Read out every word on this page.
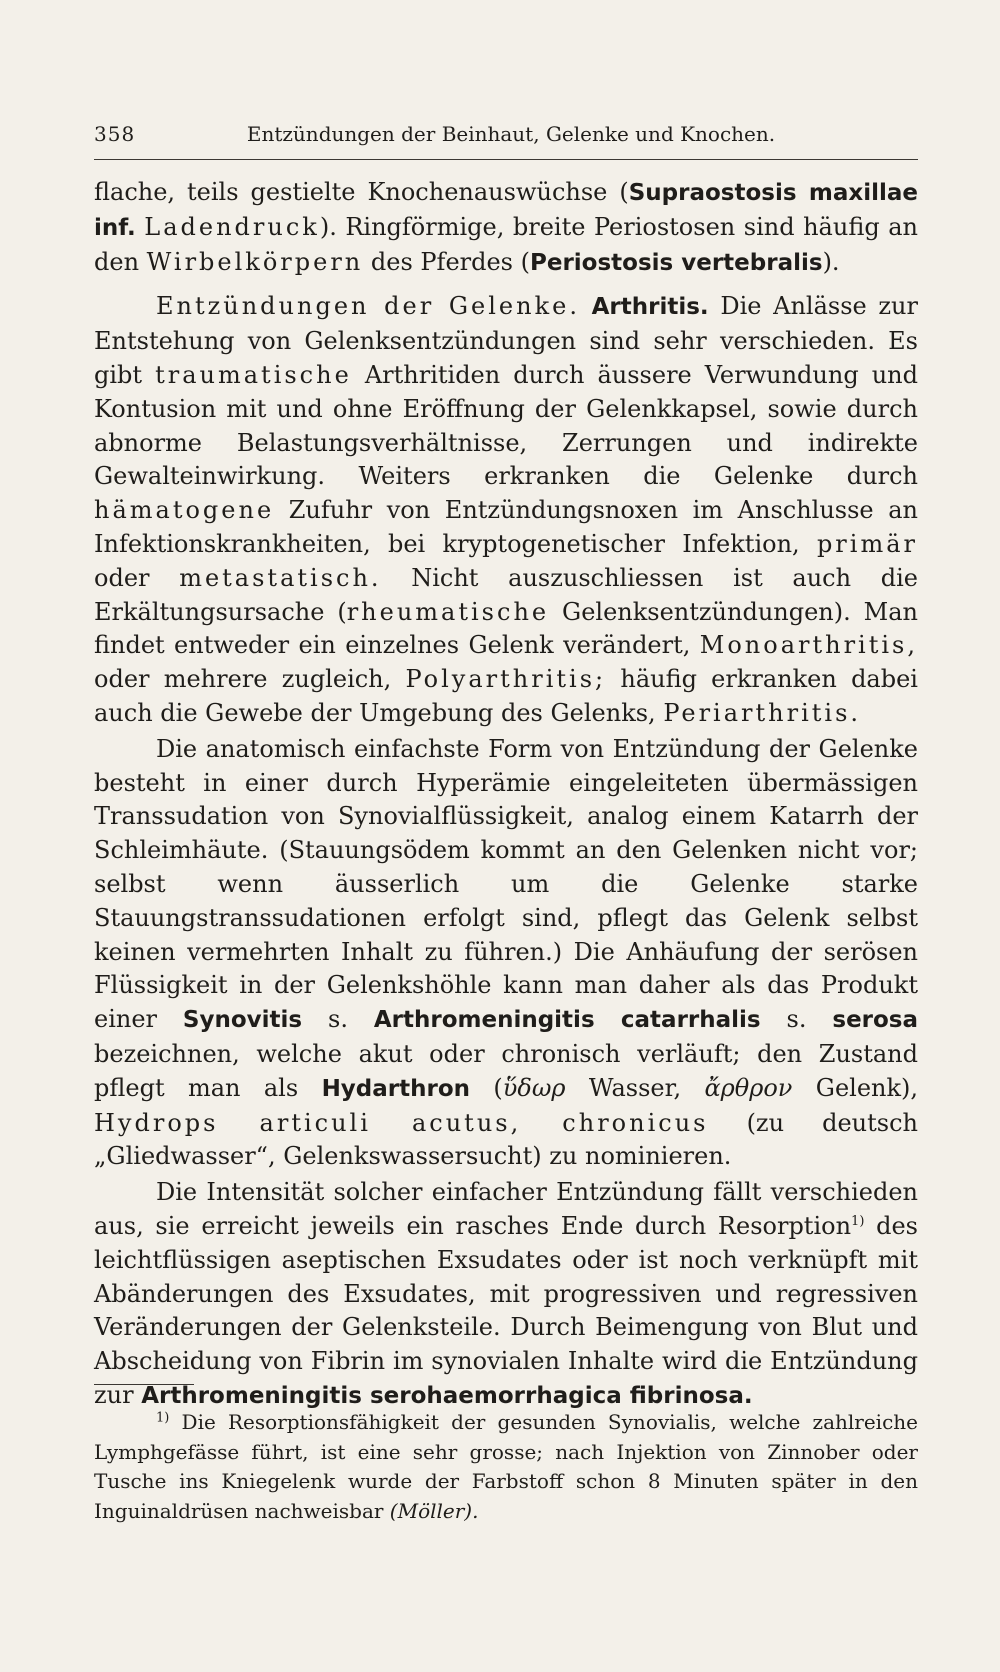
358	Entzündungen der Beinhaut, Gelenke und Knochen.

flache, teils gestielte Knochenauswüchse (Supraostosis maxillae inf. Ladendruck). Ringförmige, breite Periostosen sind häufig an den Wirbelkörpern des Pferdes (Periostosis vertebralis).

Entzündungen der Gelenke. Arthritis. Die Anlässe zur Entstehung von Gelenksentzündungen sind sehr verschieden. Es gibt traumatische Arthritiden durch äussere Verwundung und Kontusion mit und ohne Eröffnung der Gelenkkapsel, sowie durch abnorme Belastungsverhältnisse, Zerrungen und indirekte Gewalteinwirkung. Weiters erkranken die Gelenke durch hämatogene Zufuhr von Entzündungsnoxen im Anschlusse an Infektionskrankheiten, bei kryptogenetischer Infektion, primär oder metastatisch. Nicht auszuschliessen ist auch die Erkältungsursache (rheumatische Gelenksentzündungen). Man findet entweder ein einzelnes Gelenk verändert, Monoarthritis, oder mehrere zugleich, Polyarthritis; häufig erkranken dabei auch die Gewebe der Umgebung des Gelenks, Periarthritis.

Die anatomisch einfachste Form von Entzündung der Gelenke besteht in einer durch Hyperämie eingeleiteten übermässigen Transsudation von Synovialflüssigkeit, analog einem Katarrh der Schleimhäute. (Stauungsödem kommt an den Gelenken nicht vor; selbst wenn äusserlich um die Gelenke starke Stauungstranssudationen erfolgt sind, pflegt das Gelenk selbst keinen vermehrten Inhalt zu führen.) Die Anhäufung der serösen Flüssigkeit in der Gelenkshöhle kann man daher als das Produkt einer Synovitis s. Arthromeningitis catarrhalis s. serosa bezeichnen, welche akut oder chronisch verläuft; den Zustand pflegt man als Hydarthron (ὕδωρ Wasser, ἄρθρον Gelenk), Hydrops articuli acutus, chronicus (zu deutsch „Gliedwasser“, Gelenkswassersucht) zu nominieren.

Die Intensität solcher einfacher Entzündung fällt verschieden aus, sie erreicht jeweils ein rasches Ende durch Resorption$^{1)}$ des leichtflüssigen aseptischen Exsudates oder ist noch verknüpft mit Abänderungen des Exsudates, mit progressiven und regressiven Veränderungen der Gelenksteile. Durch Beimengung von Blut und Abscheidung von Fibrin im synovialen Inhalte wird die Entzündung zur Arthromeningitis serohaemorrhagica fibrinosa.

$^{1)}$ Die Resorptionsfähigkeit der gesunden Synovialis, welche zahlreiche Lymphgefässe führt, ist eine sehr grosse; nach Injektion von Zinnober oder Tusche ins Kniegelenk wurde der Farbstoff schon 8 Minuten später in den Inguinaldrüsen nachweisbar (Möller).
